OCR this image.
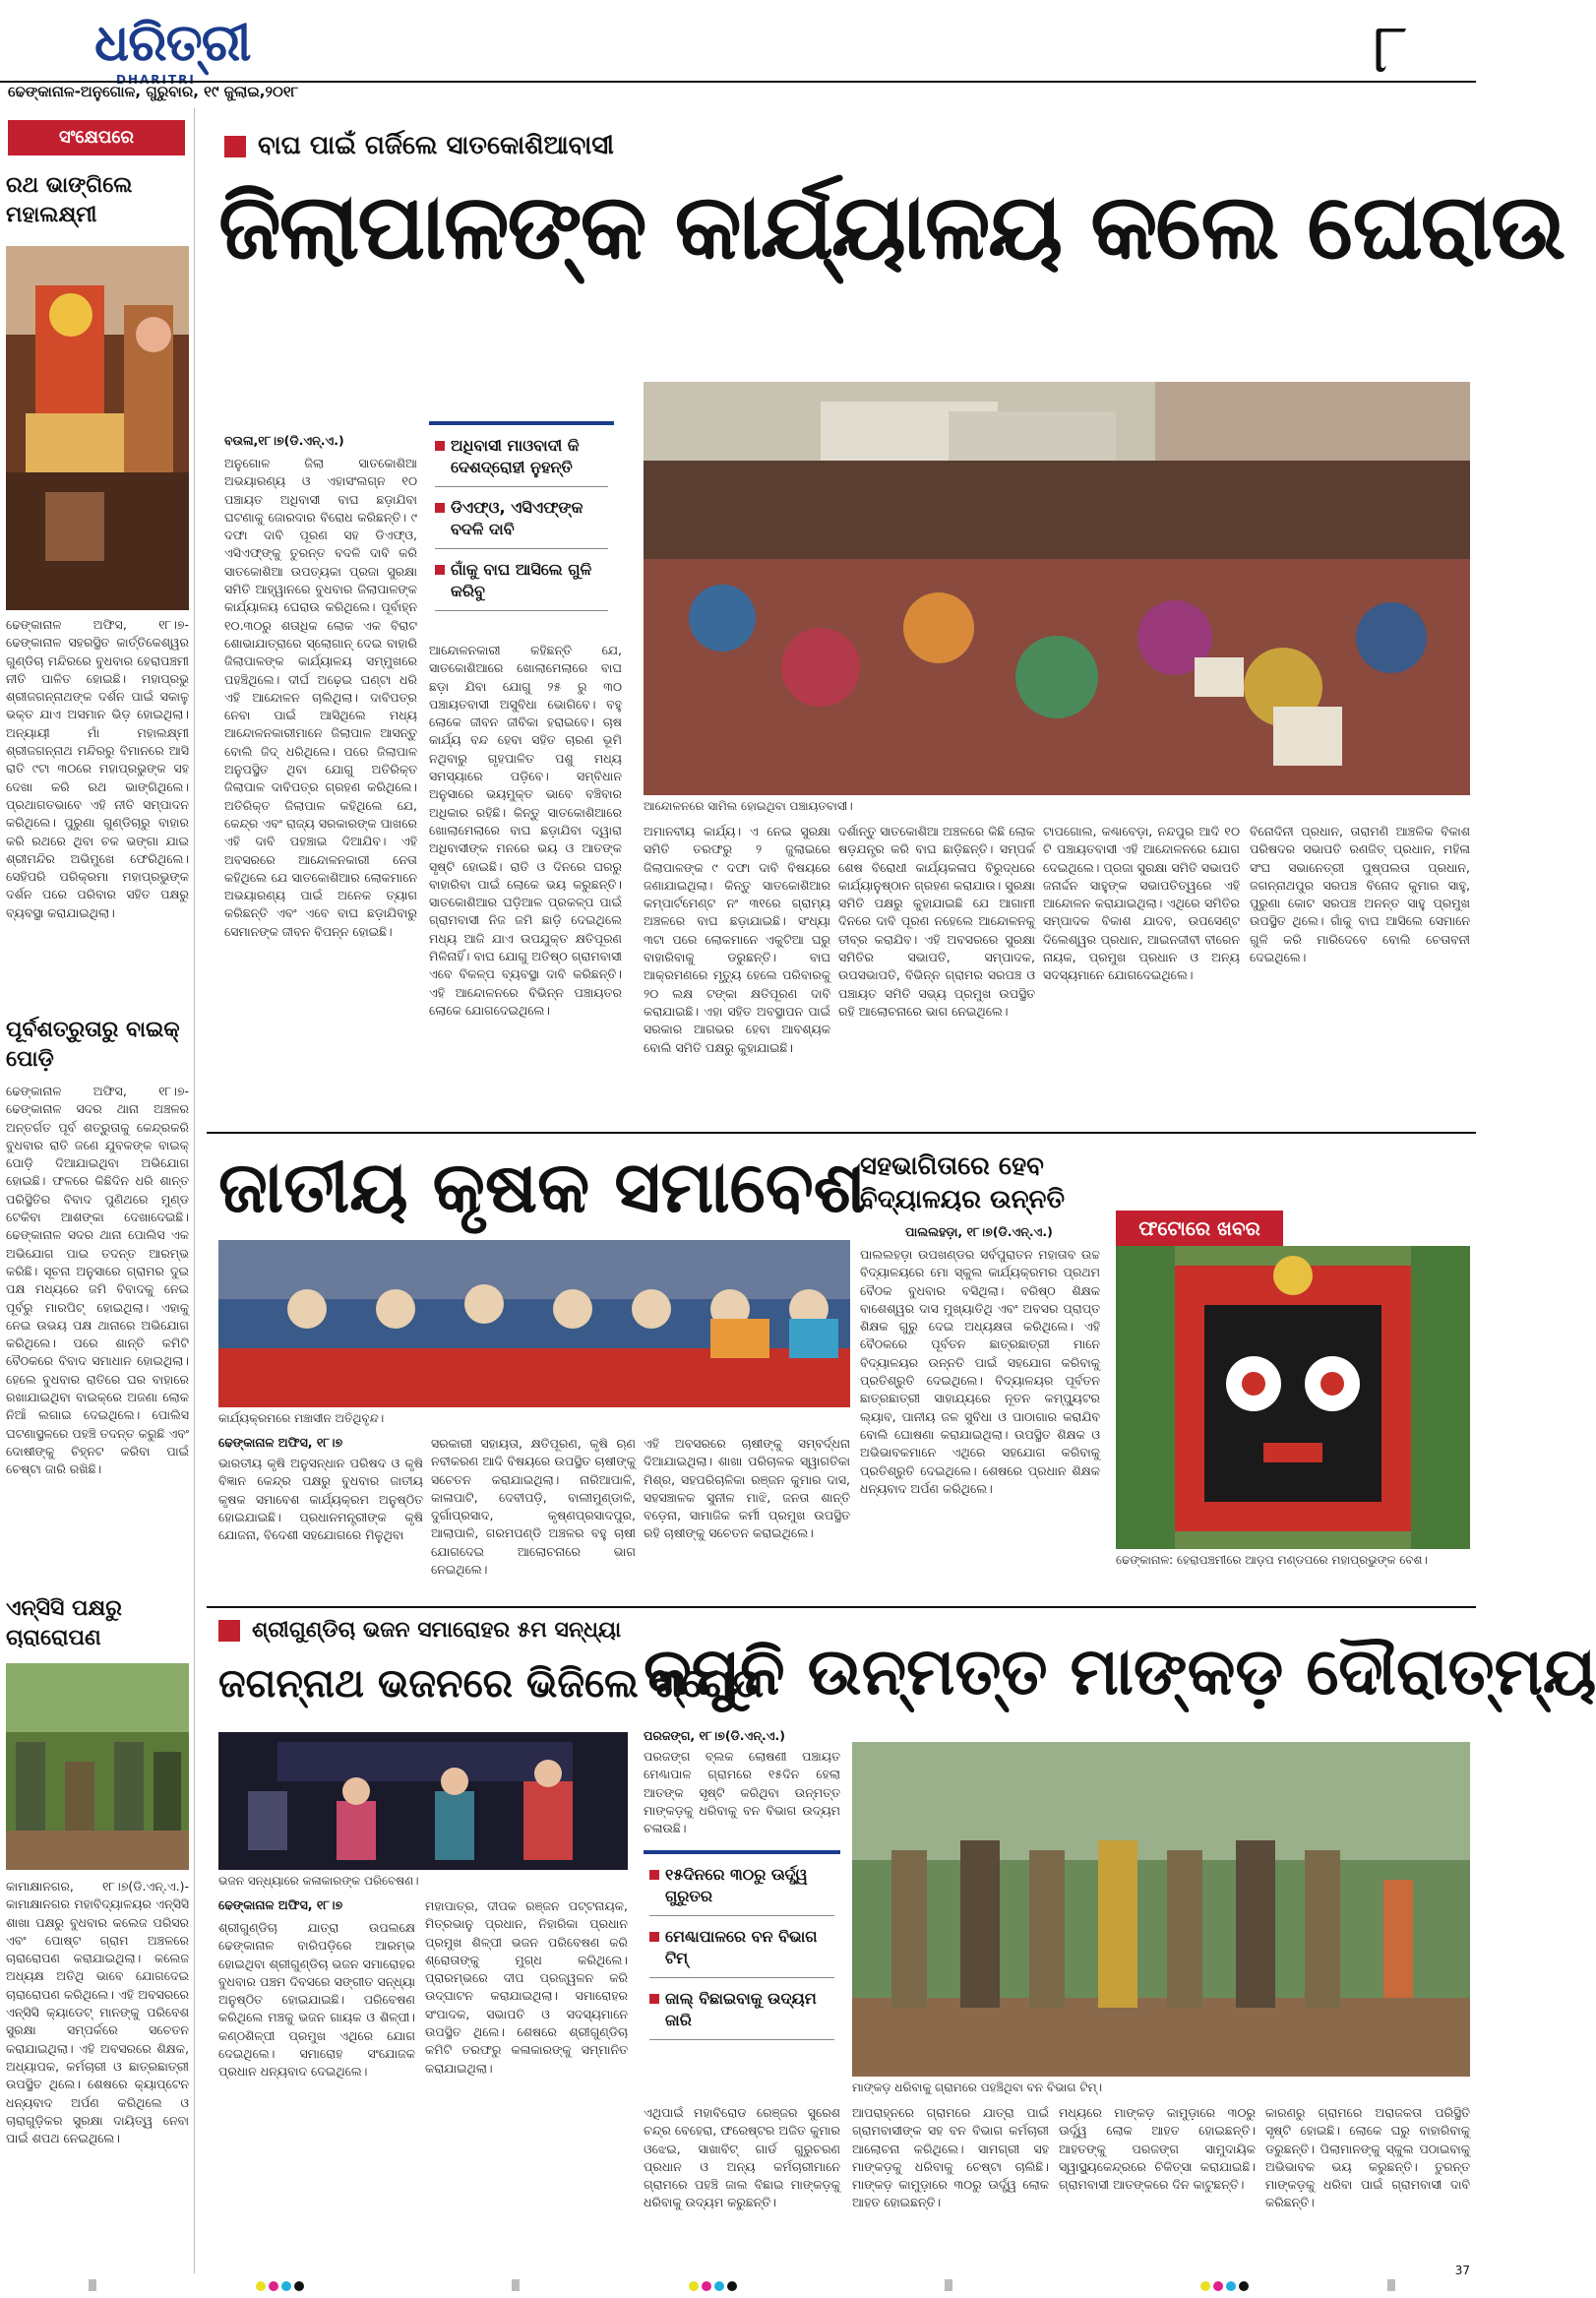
ଧରିତ୍ରୀ
DHARITRI	୮
ଢେଙ୍କାନାଳ-ଅନୁଗୋଳ, ଗୁରୁବାର, ୧୯ ଜୁଲାଇ,୨୦୧୮
ସଂକ୍ଷେପରେ
ରଥ ଭାଙ୍ଗିଲେ ମହାଲକ୍ଷ୍ମୀ
ଢେଙ୍କାନାଳ ଅଫିସ, ୧୮।୭- ଢେଙ୍କାନାଳ ସହରସ୍ଥିତ କାର୍ତ୍ତିକେଶ୍ୱର ଗୁଣ୍ଡିଚା ମନ୍ଦିରରେ ବୁଧବାର ହେରାପଞ୍ଚମୀ ନୀତି ପାଳିତ ହୋଇଛି। ମହାପ୍ରଭୁ ଶ୍ରୀଜଗନ୍ନାଥଙ୍କ ଦର୍ଶନ ପାଇଁ ସକାଳୁ ଭକ୍ତ ଯାଏ ଅସମାନ ଭିଡ଼ ହୋଇଥିଲା। ଅନ୍ୟାୟୀ ମାଁ ମହାଲକ୍ଷ୍ମୀ ଶ୍ରୀଜଗନ୍ନାଥ ମନ୍ଦିରରୁ ବିମାନରେ ଆସି ରାତି ୯ଟା ୩୦ରେ ମହାପ୍ରଭୁଙ୍କ ସହ ଦେଖା କରି ରଥ ଭାଙ୍ଗିଥିଲେ। ପ୍ରଥାଗତଭାବେ ଏହି ନୀତି ସମ୍ପାଦନ କରିଥିଲେ। ପୁରୁଣା ଗୁଣ୍ଡିଚାରୁ ବାହାର କରି ରଥରେ ଥିବା ଚକ ଭଙ୍ଗା ଯାଇ ଶ୍ରୀମନ୍ଦିର ଅଭିମୁଖେ ଫେରିଥିଲେ। ସେହିପରି ପରିକ୍ରମା ମହାପ୍ରଭୁଙ୍କ ଦର୍ଶନ ପରେ ପରିବାର ସହିତ ପକ୍ଷରୁ ବ୍ୟବସ୍ଥା କରାଯାଇଥିଲା।
ପୂର୍ବଶତ୍ରୁତାରୁ ବାଇକ୍ ପୋଡ଼ି
ଢେଙ୍କାନାଳ ଅଫିସ, ୧୮।୭- ଢେଙ୍କାନାଳ ସଦର ଥାନା ଅଞ୍ଚଳର ଅନ୍ତର୍ଗତ ପୂର୍ବ ଶତ୍ରୁତାକୁ କେନ୍ଦ୍ରକରି ବୁଧବାର ରାତି ଜଣେ ଯୁବକଙ୍କ ବାଇକ୍ ପୋଡ଼ି ଦିଆଯାଇଥିବା ଅଭିଯୋଗ ହୋଇଛି। ଫଳରେ କିଛିଦିନ ଧରି ଶାନ୍ତ ପରିସ୍ଥିତିର ବିବାଦ ପୁଣିଥରେ ମୁଣ୍ଡ ଟେକିବା ଆଶଙ୍କା ଦେଖାଦେଇଛି। ଢେଙ୍କାନାଳ ସଦର ଥାନା ପୋଲିସ ଏକ ଅଭିଯୋଗ ପାଇ ତଦନ୍ତ ଆରମ୍ଭ କରିଛି। ସୂଚନା ଅନୁସାରେ ଗ୍ରାମର ଦୁଇ ପକ୍ଷ ମଧ୍ୟରେ ଜମି ବିବାଦକୁ ନେଇ ପୂର୍ବରୁ ମାରପିଟ୍ ହୋଇଥିଲା। ଏହାକୁ ନେଇ ଉଭୟ ପକ୍ଷ ଥାନାରେ ଅଭିଯୋଗ କରିଥିଲେ। ପରେ ଶାନ୍ତି କମିଟି ବୈଠକରେ ବିବାଦ ସମାଧାନ ହୋଇଥିଲା। ହେଲେ ବୁଧବାର ରାତିରେ ଘର ବାହାରେ ରଖାଯାଇଥିବା ବାଇକ୍‌ରେ ଅଜଣା ଲୋକ ନିଆଁ ଲଗାଇ ଦେଇଥିଲେ। ପୋଲିସ ଘଟଣାସ୍ଥଳରେ ପହଞ୍ଚି ତଦନ୍ତ କରୁଛି ଏବଂ ଦୋଷୀଙ୍କୁ ଚିହ୍ନଟ କରିବା ପାଇଁ ଚେଷ୍ଟା ଜାରି ରଖିଛି।
ଏନ୍‌ସିସି ପକ୍ଷରୁ ଚାରାରୋପଣ
କାମାକ୍ଷାନଗର, ୧୮।୭(ଡି.ଏନ୍.ଏ.)- କାମାକ୍ଷାନଗର ମହାବିଦ୍ୟାଳୟର ଏନ୍‌ସିସି ଶାଖା ପକ୍ଷରୁ ବୁଧବାର କଲେଜ ପରିସର ଏବଂ ପୋଷ୍ଟ ଗ୍ରାମ ଅଞ୍ଚଳରେ ଚାରାରୋପଣ କରାଯାଇଥିଲା। କଲେଜ ଅଧ୍ୟକ୍ଷ ଅତିଥି ଭାବେ ଯୋଗଦେଇ ଚାରାରୋପଣ କରିଥିଲେ। ଏହି ଅବସରରେ ଏନ୍‌ସିସି କ୍ୟାଡେଟ୍ ମାନଙ୍କୁ ପରିବେଶ ସୁରକ୍ଷା ସମ୍ପର୍କରେ ସଚେତନ କରାଯାଇଥିଲା। ଏହି ଅବସରରେ ଶିକ୍ଷକ, ଅଧ୍ୟାପକ, କର୍ମଚାରୀ ଓ ଛାତ୍ରଛାତ୍ରୀ ଉପସ୍ଥିତ ଥିଲେ। ଶେଷରେ କ୍ୟାପ୍ଟେନ ଧନ୍ୟବାଦ ଅର୍ପଣ କରିଥିଲେ ଓ ଚାରାଗୁଡ଼ିକର ସୁରକ୍ଷା ଦାୟିତ୍ୱ ନେବା ପାଇଁ ଶପଥ ନେଇଥିଲେ।
ବାଘ ପାଇଁ ଗର୍ଜିଲେ ସାତକୋଶିଆବାସୀ
ଜିଲାପାଳଙ୍କ କାର୍ଯ୍ୟାଳୟ କଲେ ଘେରାଉ
ବଉଳା,୧୮।୭(ଡି.ଏନ୍.ଏ.)
ଅନୁଗୋଳ ଜିଲା ସାତକୋଶିଆ ଅଭୟାରଣ୍ୟ ଓ ଏହାସଂଲଗ୍ନ ୧୦ ପଞ୍ଚାୟତ ଅଧିବାସୀ ବାଘ ଛଡ଼ାଯିବା ଘଟଣାକୁ ଜୋରଦାର ବିରୋଧ କରିଛନ୍ତି। ୯ ଦଫା ଦାବି ପୂରଣ ସହ ଡିଏଫ୍‌ଓ, ଏସିଏଫ୍‌ଙ୍କୁ ତୁରନ୍ତ ବଦଳି ଦାବି କରି ସାତକୋଶିଆ ଉପତ୍ୟକା ପ୍ରଜା ସୁରକ୍ଷା ସମିତି ଆହ୍ୱାନରେ ବୁଧବାର ଜିଲାପାଳଙ୍କ କାର୍ଯ୍ୟାଳୟ ଘେରାଉ କରିଥିଲେ। ପୂର୍ବାହ୍ନ ୧୦.୩୦ରୁ ଶତାଧିକ ଲୋକ ଏକ ବିରାଟ ଶୋଭାଯାତ୍ରାରେ ସ୍ଲୋଗାନ୍ ଦେଇ ବାହାରି ଜିଲାପାଳଙ୍କ କାର୍ଯ୍ୟାଳୟ ସମ୍ମୁଖରେ ପହଞ୍ଚିଥିଲେ। ଦୀର୍ଘ ଅଢ଼େଇ ଘଣ୍ଟା ଧରି ଏହି ଆନ୍ଦୋଳନ ଚାଲିଥିଲା। ଦାବିପତ୍ର ନେବା ପାଇଁ ଆସିଥିଲେ ମଧ୍ୟ ଆନ୍ଦୋଳନକାରୀମାନେ ଜିଲାପାଳ ଆସନ୍ତୁ ବୋଲି ଜିଦ୍ ଧରିଥିଲେ। ପରେ ଜିଲାପାଳ ଅନୁପସ୍ଥିତ ଥିବା ଯୋଗୁ ଅତିରିକ୍ତ ଜିଲାପାଳ ଦାବିପତ୍ର ଗ୍ରହଣ କରିଥିଲେ। ଅତିରିକ୍ତ ଜିଲାପାଳ କହିଥିଲେ ଯେ, କେନ୍ଦ୍ର ଏବଂ ରାଜ୍ୟ ସରକାରଙ୍କ ପାଖରେ ଏହି ଦାବି ପହଞ୍ଚାଇ ଦିଆଯିବ। ଏହି ଅବସରରେ ଆନ୍ଦୋଳନକାରୀ ନେତା କହିଥିଲେ ଯେ ସାତକୋଶିଆର ଲୋକମାନେ ଅଭୟାରଣ୍ୟ ପାଇଁ ଅନେକ ତ୍ୟାଗ କରିଛନ୍ତି ଏବଂ ଏବେ ବାଘ ଛଡ଼ାଯିବାରୁ ସେମାନଙ୍କ ଜୀବନ ବିପନ୍ନ ହୋଇଛି।
ଅଧିବାସୀ ମାଓବାଦୀ କି ଦେଶଦ୍ରୋହୀ ନୁହନ୍ତି
ଡିଏଫ୍‌ଓ, ଏସିଏଫ୍‌ଙ୍କ ବଦଳି ଦାବି
ଗାଁକୁ ବାଘ ଆସିଲେ ଗୁଳି କରିବୁ
ଆନ୍ଦୋଳନକାରୀ କହିଛନ୍ତି ଯେ, ସାତକୋଶିଆରେ ଖୋଲାମେଲାରେ ବାଘ ଛଡ଼ା ଯିବା ଯୋଗୁ ୨୫ ରୁ ୩୦ ପଞ୍ଚାୟତବାସୀ ଅସୁବିଧା ଭୋଗିବେ। ବହୁ ଲୋକେ ଜୀବନ ଜୀବିକା ହରାଇବେ। ଚାଷ କାର୍ଯ୍ୟ ବନ୍ଦ ହେବା ସହିତ ଚାରଣ ଭୂମି ନଥିବାରୁ ଗୃହପାଳିତ ପଶୁ ମଧ୍ୟ ସମସ୍ୟାରେ ପଡ଼ିବେ। ସମ୍ବିଧାନ ଅନୁସାରେ ଭୟମୁକ୍ତ ଭାବେ ବଞ୍ଚିବାର ଅଧିକାର ରହିଛି। କିନ୍ତୁ ସାତକୋଶିଆରେ ଖୋଲାମେଲାରେ ବାଘ ଛଡ଼ାଯିବା ଦ୍ୱାରା ଅଧିବାସୀଙ୍କ ମନରେ ଭୟ ଓ ଆତଙ୍କ ସୃଷ୍ଟି ହୋଇଛି। ରାତି ଓ ଦିନରେ ଘରରୁ ବାହାରିବା ପାଇଁ ଲୋକେ ଭୟ କରୁଛନ୍ତି। ସାତକୋଶିଆର ଘଡ଼ିଆଳ ପ୍ରକଳ୍ପ ପାଇଁ ଗ୍ରାମବାସୀ ନିଜ ଜମି ଛାଡ଼ି ଦେଇଥିଲେ ମଧ୍ୟ ଆଜି ଯାଏ ଉପଯୁକ୍ତ କ୍ଷତିପୂରଣ ମିଳିନାହିଁ। ବାଘ ଯୋଗୁ ଅତିଷ୍ଠ ଗ୍ରାମବାସୀ ଏବେ ବିକଳ୍ପ ବ୍ୟବସ୍ଥା ଦାବି କରିଛନ୍ତି। ଏହି ଆନ୍ଦୋଳନରେ ବିଭିନ୍ନ ପଞ୍ଚାୟତର ଲୋକେ ଯୋଗଦେଇଥିଲେ।
ଆନ୍ଦୋଳନରେ ସାମିଲ ହୋଇଥିବା ପଞ୍ଚାୟତବାସୀ।
ଅମାନବୀୟ କାର୍ଯ୍ୟ। ଏ ନେଇ ସୁରକ୍ଷା ସମିତି ତରଫରୁ ୨ ଜୁଲାଇରେ ଜିଲାପାଳଙ୍କ ୯ ଦଫା ଦାବି ବିଷୟରେ ଜଣାଯାଇଥିଲା। କିନ୍ତୁ ସାତକୋଶିଆର କମ୍ପାର୍ଟମେଣ୍ଟ ନଂ ୩୧ରେ ଗ୍ରାମ୍ୟ ଅଞ୍ଚଳରେ ବାଘ ଛଡ଼ାଯାଇଛି। ସଂଧ୍ୟା ୩ଟା ପରେ ଲୋକମାନେ ଏକୁଟିଆ ଘରୁ ବାହାରିବାକୁ ଡରୁଛନ୍ତି। ବାଘ ଆକ୍ରମଣରେ ମୃତ୍ୟୁ ହେଲେ ପରିବାରକୁ ୨୦ ଲକ୍ଷ ଟଙ୍କା କ୍ଷତିପୂରଣ ଦାବି କରାଯାଇଛି। ଏହା ସହିତ ଅବସ୍ଥାପନ ପାଇଁ ସରକାର ଆଗଭର ହେବା ଆବଶ୍ୟକ ବୋଲି ସମିତି ପକ୍ଷରୁ କୁହାଯାଇଛି।
ଦର୍ଶାନ୍ତୁ ସାତକୋଶିଆ ଅଞ୍ଚଳରେ କିଛି ଲୋକ ଷଡ଼ଯନ୍ତ୍ର କରି ବାଘ ଛାଡ଼ିଛନ୍ତି। ସମ୍ପର୍କ ଶେଷ ବିରୋଧୀ କାର୍ଯ୍ୟକଳାପ ବିରୁଦ୍ଧରେ କାର୍ଯ୍ୟାନୁଷ୍ଠାନ ଗ୍ରହଣ କରାଯାଉ। ସୁରକ୍ଷା ସମିତି ପକ୍ଷରୁ କୁହାଯାଇଛି ଯେ ଆଗାମୀ ଦିନରେ ଦାବି ପୂରଣ ନହେଲେ ଆନ୍ଦୋଳନକୁ ତୀବ୍ର କରାଯିବ। ଏହି ଅବସରରେ ସୁରକ୍ଷା ସମିତିର ସଭାପତି, ସମ୍ପାଦକ, ଉପସଭାପତି, ବିଭିନ୍ନ ଗ୍ରାମର ସରପଞ୍ଚ ଓ ପଞ୍ଚାୟତ ସମିତି ସଭ୍ୟ ପ୍ରମୁଖ ଉପସ୍ଥିତ ରହି ଆଲୋଚନାରେ ଭାଗ ନେଇଥିଲେ।
ଟାପଗୋଲ, କଣ୍ଢାବେଡ଼ା, ନନ୍ଦପୁର ଆଦି ୧୦ ଟି ପଞ୍ଚାୟତବାସୀ ଏହି ଆନ୍ଦୋଳନରେ ଯୋଗ ଦେଇଥିଲେ। ପ୍ରଜା ସୁରକ୍ଷା ସମିତି ସଭାପତି ଜନାର୍ଦ୍ଦନ ସାହୁଙ୍କ ସଭାପତିତ୍ୱରେ ଏହି ଆନ୍ଦୋଳନ କରାଯାଇଥିଲା। ଏଥିରେ ସମିତିର ସମ୍ପାଦକ ବିକାଶ ଯାଦବ, ଉପସେଣ୍ଟ ଦିଲେଶ୍ୱର ପ୍ରଧାନ, ଆଇନଜୀବୀ ବୀରେନ ନାୟକ, ପ୍ରମୁଖ ପ୍ରଧାନ ଓ ଅନ୍ୟ ସଦସ୍ୟମାନେ ଯୋଗଦେଇଥିଲେ।
ବିନୋଦିନୀ ପ୍ରଧାନ, ତାରାମଣି ଆଞ୍ଚଳିକ ବିକାଶ ପରିଷଦର ସଭାପତି ରଣଜିତ୍ ପ୍ରଧାନ, ମହିଳା ସଂଘ ସଭାନେତ୍ରୀ ପୁଷ୍ପଲତା ପ୍ରଧାନ, ଜଗନ୍ନାଥପୁର ସରପଞ୍ଚ ବିନୋଦ କୁମାର ସାହୁ, ପୁରୁଣା କୋଟ ସରପଞ୍ଚ ଅନନ୍ତ ସାହୁ ପ୍ରମୁଖ ଉପସ୍ଥିତ ଥିଲେ। ଗାଁକୁ ବାଘ ଆସିଲେ ସେମାନେ ଗୁଳି କରି ମାରିଦେବେ ବୋଲି ଚେତାବନୀ ଦେଇଥିଲେ।
ଜାତୀୟ କୃଷକ ସମାବେଶ
କାର୍ଯ୍ୟକ୍ରମରେ ମଞ୍ଚାସୀନ ଅତିଥିବୃନ୍ଦ।
ଢେଙ୍କାନାଳ ଅଫିସ, ୧୮।୭
ଭାରତୀୟ କୃଷି ଅନୁସନ୍ଧାନ ପରିଷଦ ଓ କୃଷି ବିଜ୍ଞାନ କେନ୍ଦ୍ର ପକ୍ଷରୁ ବୁଧବାର ଜାତୀୟ କୃଷକ ସମାବେଶ କାର୍ଯ୍ୟକ୍ରମ ଅନୁଷ୍ଠିତ ହୋଇଯାଇଛି। ପ୍ରଧାନମନ୍ତ୍ରୀଙ୍କ କୃଷି ଯୋଜନା, ବିଦେଶୀ ସହଯୋଗରେ ମିଳୁଥିବା
ସରକାରୀ ସହାୟତା, କ୍ଷତିପୂରଣ, କୃଷି ଋଣ ନବୀକରଣ ଆଦି ବିଷୟରେ ଉପସ୍ଥିତ ଚାଷୀଙ୍କୁ ସଚେତନ କରାଯାଇଥିଲା। ନାରିଆପାଳି, କାଳାପାଟି, ଦେବୀପଡ଼ି, ବାଲୀମୁଣ୍ଡାଳି, ଦୁର୍ଗାପ୍ରସାଦ, କୃଷ୍ଣପ୍ରସାଦପୁର, ଆଲାପାଳି, ଗରମପଣ୍ଡି ଅଞ୍ଚଳର ବହୁ ଚାଷୀ ଯୋଗଦେଇ ଆଲୋଚନାରେ ଭାଗ ନେଇଥିଲେ।
ଏହି ଅବସରରେ ଚାଷୀଙ୍କୁ ସମ୍ବର୍ଦ୍ଧନା ଦିଆଯାଇଥିଲା। ଶାଖା ପରିଚାଳକ ସ୍ୱାଗତିକା ମିଶ୍ର, ସହପରିଚାଳିକା ରଞ୍ଜନ କୁମାର ଦାସ, ସହସଞ୍ଚାଳକ ସୁନୀଳ ମାଝି, ଜନତା ଶାନ୍ତି ବଡ଼େନା, ସାମାଜିକ କର୍ମୀ ପ୍ରମୁଖ ଉପସ୍ଥିତ ରହି ଚାଷୀଙ୍କୁ ସଚେତନ କରାଇଥିଲେ।
ସହଭାଗିତାରେ ହେବ ବିଦ୍ୟାଳୟର ଉନ୍ନତି
ପାଲଲହଡ଼ା, ୧୮।୭(ଡି.ଏନ୍.ଏ.)
ପାଲଲହଡ଼ା ଉପଖଣ୍ଡର ସର୍ବପୁରାତନ ମହାତାବ ଉଚ୍ଚ ବିଦ୍ୟାଳୟରେ ମୋ ସ୍କୁଲ କାର୍ଯ୍ୟକ୍ରମର ପ୍ରଥମ ବୈଠକ ବୁଧବାର ବସିଥିଲା। ବରିଷ୍ଠ ଶିକ୍ଷକ ବାଶେଶ୍ୱର ଦାସ ମୁଖ୍ୟାତିଥି ଏବଂ ଅବସର ପ୍ରାପ୍ତ ଶିକ୍ଷକ ଗୁରୁ ଦେଇ ଅଧ୍ୟକ୍ଷତା କରିଥିଲେ। ଏହି ବୈଠକରେ ପୂର୍ବତନ ଛାତ୍ରଛାତ୍ରୀ ମାନେ ବିଦ୍ୟାଳୟର ଉନ୍ନତି ପାଇଁ ସହଯୋଗ କରିବାକୁ ପ୍ରତିଶ୍ରୁତି ଦେଇଥିଲେ। ବିଦ୍ୟାଳୟର ପୂର୍ବତନ ଛାତ୍ରଛାତ୍ରୀ ସାହାଯ୍ୟରେ ନୂତନ କମ୍ପ୍ୟୁଟର ଲ୍ୟାବ, ପାନୀୟ ଜଳ ସୁବିଧା ଓ ପାଠାଗାର କରାଯିବ ବୋଲି ଘୋଷଣା କରାଯାଇଥିଲା। ଉପସ୍ଥିତ ଶିକ୍ଷକ ଓ ଅଭିଭାବକମାନେ ଏଥିରେ ସହଯୋଗ କରିବାକୁ ପ୍ରତିଶ୍ରୁତି ଦେଇଥିଲେ। ଶେଷରେ ପ୍ରଧାନ ଶିକ୍ଷକ ଧନ୍ୟବାଦ ଅର୍ପଣ କରିଥିଲେ।
ଫଟୋରେ ଖବର
ଢେଙ୍କାନାଳ: ହେରାପଞ୍ଚମୀରେ ଆଡ଼ପ ମଣ୍ଡପରେ ମହାପ୍ରଭୁଙ୍କ ବେଶ।
ଶ୍ରୀଗୁଣ୍ଡିଚା ଭଜନ ସମାରୋହର ୫ମ ସନ୍ଧ୍ୟା
ଜଗନ୍ନାଥ ଭଜନରେ ଭିଜିଲେ ଶ୍ରୋତା
ଭଜନ ସନ୍ଧ୍ୟାରେ କଳାକାରଙ୍କ ପରିବେଷଣ।
ଢେଙ୍କାନାଳ ଅଫିସ, ୧୮।୭
ଶ୍ରୀଗୁଣ୍ଡିଚା ଯାତ୍ରା ଉପଲକ୍ଷେ ଢେଙ୍କାନାଳ ବାରିପଡ଼ିରେ ଆରମ୍ଭ ହୋଇଥିବା ଶ୍ରୀଗୁଣ୍ଡିଚା ଭଜନ ସମାରୋହର ବୁଧବାର ପଞ୍ଚମ ଦିବସରେ ସଙ୍ଗୀତ ସନ୍ଧ୍ୟା ଅନୁଷ୍ଠିତ ହୋଇଯାଇଛି। ପରିବେଷଣ କରିଥିଲେ ମଞ୍ଚକୁ ଭଜନ ଗାୟକ ଓ ଶିଳ୍ପୀ। କଣ୍ଠଶିଳ୍ପୀ ପ୍ରମୁଖ ଏଥିରେ ଯୋଗ ଦେଇଥିଲେ। ସମାରୋହ ସଂଯୋଜକ ପ୍ରଧାନ ଧନ୍ୟବାଦ ଦେଇଥିଲେ।
ମହାପାତ୍ର, ଦୀପକ ରଞ୍ଜନ ପଟ୍ଟନାୟକ, ମିତ୍ରଭାନୁ ପ୍ରଧାନ, ନିହାରିକା ପ୍ରଧାନ ପ୍ରମୁଖ ଶିଳ୍ପୀ ଭଜନ ପରିବେଷଣ କରି ଶ୍ରୋତାଙ୍କୁ ମୁଗ୍ଧ କରିଥିଲେ। ପ୍ରାରମ୍ଭରେ ଦୀପ ପ୍ରଜ୍ୱଳନ କରି ଉଦ୍‌ଘାଟନ କରାଯାଇଥିଲା। ସମାରୋହର ସଂପାଦକ, ସଭାପତି ଓ ସଦସ୍ୟମାନେ ଉପସ୍ଥିତ ଥିଲେ। ଶେଷରେ ଶ୍ରୀଗୁଣ୍ଡିଚା କମିଟି ତରଫରୁ କଳାକାରଙ୍କୁ ସମ୍ମାନିତ କରାଯାଇଥିଲା।
କମୁନି ଉନ୍ମତ୍ତ ମାଙ୍କଡ଼ ଦୌରାତ୍ମ୍ୟ
ପରଜଙ୍ଗ, ୧୮।୭(ଡି.ଏନ୍.ଏ.)
ପରଜଙ୍ଗ ବ୍ଲକ ଲୋଷଣୀ ପଞ୍ଚାୟତ ମେଣ୍ଢାପାଳ ଗ୍ରାମରେ ୧୫ଦିନ ହେଲା ଆତଙ୍କ ସୃଷ୍ଟି କରିଥିବା ଉନ୍ମତ୍ତ ମାଙ୍କଡ଼କୁ ଧରିବାକୁ ବନ ବିଭାଗ ଉଦ୍ୟମ ଚଳାଉଛି।
୧୫ଦିନରେ ୩୦ରୁ ଊର୍ଦ୍ଧ୍ୱ ଗୁରୁତର
ମେଣ୍ଢାପାଳରେ ବନ ବିଭାଗ ଟିମ୍
ଜାଲ୍ ବିଛାଇବାକୁ ଉଦ୍ୟମ ଜାରି
ମାଙ୍କଡ଼ ଧରିବାକୁ ଗ୍ରାମରେ ପହଞ୍ଚିଥିବା ବନ ବିଭାଗ ଟିମ୍।
ଏଥିପାଇଁ ମହାବିରୋଡ ରେଞ୍ଜର ସୁରେଶ ଚନ୍ଦ୍ର ବେହେରା, ଫରେଷ୍ଟର ଅଜିତ କୁମାର ଓଝେଇ, ସାଖାବିଟ୍ ଗାର୍ଡ ଗୁରୁଚରଣ ପ୍ରଧାନ ଓ ଅନ୍ୟ କର୍ମଚାରୀମାନେ ଗ୍ରାମରେ ପହଞ୍ଚି ଜାଲ ବିଛାଇ ମାଙ୍କଡ଼କୁ ଧରିବାକୁ ଉଦ୍ୟମ କରୁଛନ୍ତି।
ଆପରାହ୍ନରେ ଗ୍ରାମରେ ଯାତ୍ରା ପାଇଁ ଗ୍ରାମବାସୀଙ୍କ ସହ ବନ ବିଭାଗ କର୍ମଚାରୀ ଆଲୋଚନା କରିଥିଲେ। ସାମଗ୍ରୀ ସହ ମାଙ୍କଡ଼କୁ ଧରିବାକୁ ଚେଷ୍ଟା ଚାଲିଛି। ମାଙ୍କଡ଼ କାମୁଡ଼ାରେ ୩୦ରୁ ଊର୍ଦ୍ଧ୍ୱ ଲୋକ ଆହତ ହୋଇଛନ୍ତି।
ମଧ୍ୟରେ ମାଙ୍କଡ଼ କାମୁଡ଼ାରେ ୩୦ରୁ ଊର୍ଦ୍ଧ୍ୱ ଲୋକ ଆହତ ହୋଇଛନ୍ତି। ଆହତଙ୍କୁ ପରଜଙ୍ଗ ସାମୁଦାୟିକ ସ୍ୱାସ୍ଥ୍ୟକେନ୍ଦ୍ରରେ ଚିକିତ୍ସା କରାଯାଇଛି। ଗ୍ରାମବାସୀ ଆତଙ୍କରେ ଦିନ କାଟୁଛନ୍ତି।
କାରଣରୁ ଗ୍ରାମରେ ଅରାଜକତା ପରିସ୍ଥିତି ସୃଷ୍ଟି ହୋଇଛି। ଲୋକେ ଘରୁ ବାହାରିବାକୁ ଡରୁଛନ୍ତି। ପିଲାମାନଙ୍କୁ ସ୍କୁଲ ପଠାଇବାକୁ ଅଭିଭାବକ ଭୟ କରୁଛନ୍ତି। ତୁରନ୍ତ ମାଙ୍କଡ଼କୁ ଧରିବା ପାଇଁ ଗ୍ରାମବାସୀ ଦାବି କରିଛନ୍ତି।
37
